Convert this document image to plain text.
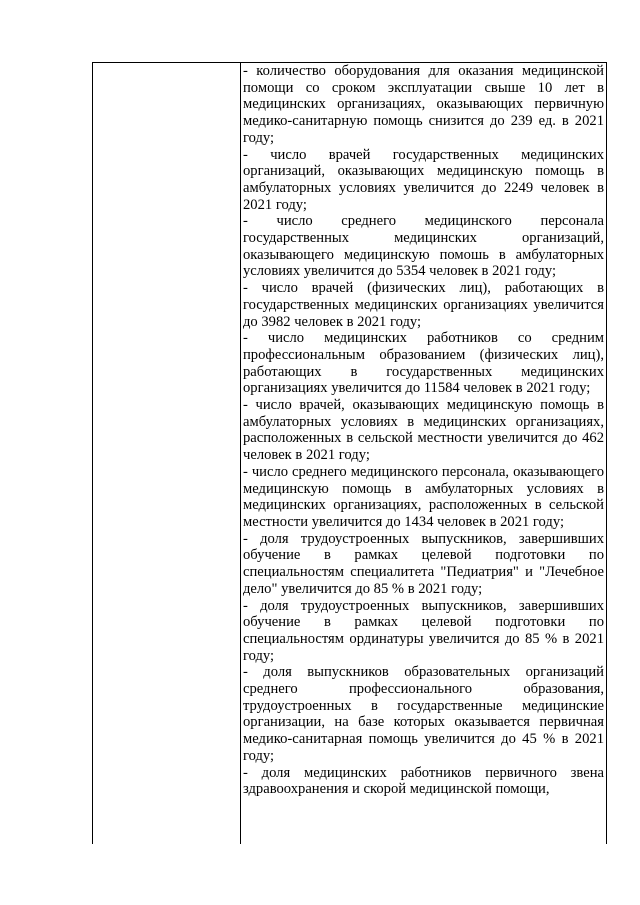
- количество оборудования для оказания медицинской помощи со сроком эксплуатации свыше 10 лет в медицинских организациях, оказывающих первичную медико-санитарную помощь снизится до 239 ед. в 2021 году;

- число врачей государственных медицинских организаций, оказывающих медицинскую помощь в амбулаторных условиях увеличится до 2249 человек в 2021 году;

- число среднего медицинского персонала государственных медицинских организаций, оказывающего медицинскую помошь в амбулаторных условиях увеличится до 5354 человек в 2021 году;

- число врачей (физических лиц), работающих в государственных медицинских организациях увеличится до 3982 человек в 2021 году;

- число медицинских работников со средним профессиональным образованием (физических лиц), работающих в государственных медицинских организациях увеличится до 11584 человек в 2021 году;

- число врачей, оказывающих медицинскую помощь в амбулаторных условиях в медицинских организациях, расположенных в сельской местности увеличится до 462 человек в 2021 году;

- число среднего медицинского персонала, оказывающего медицинскую помощь в амбулаторных условиях в медицинских организациях, расположенных в сельской местности увеличится до 1434 человек в 2021 году;

- доля трудоустроенных выпускников, завершивших обучение в рамках целевой подготовки по специальностям специалитета "Педиатрия" и "Лечебное дело" увеличится до 85 % в 2021 году;

- доля трудоустроенных выпускников, завершивших обучение в рамках целевой подготовки по специальностям ординатуры увеличится до 85 % в 2021 году;

- доля выпускников образовательных организаций среднего профессионального образования, трудоустроенных в государственные медицинские организации, на базе которых оказывается первичная медико-санитарная помощь увеличится до 45 % в 2021 году;

- доля медицинских работников первичного звена здравоохранения и скорой медицинской помощи,
